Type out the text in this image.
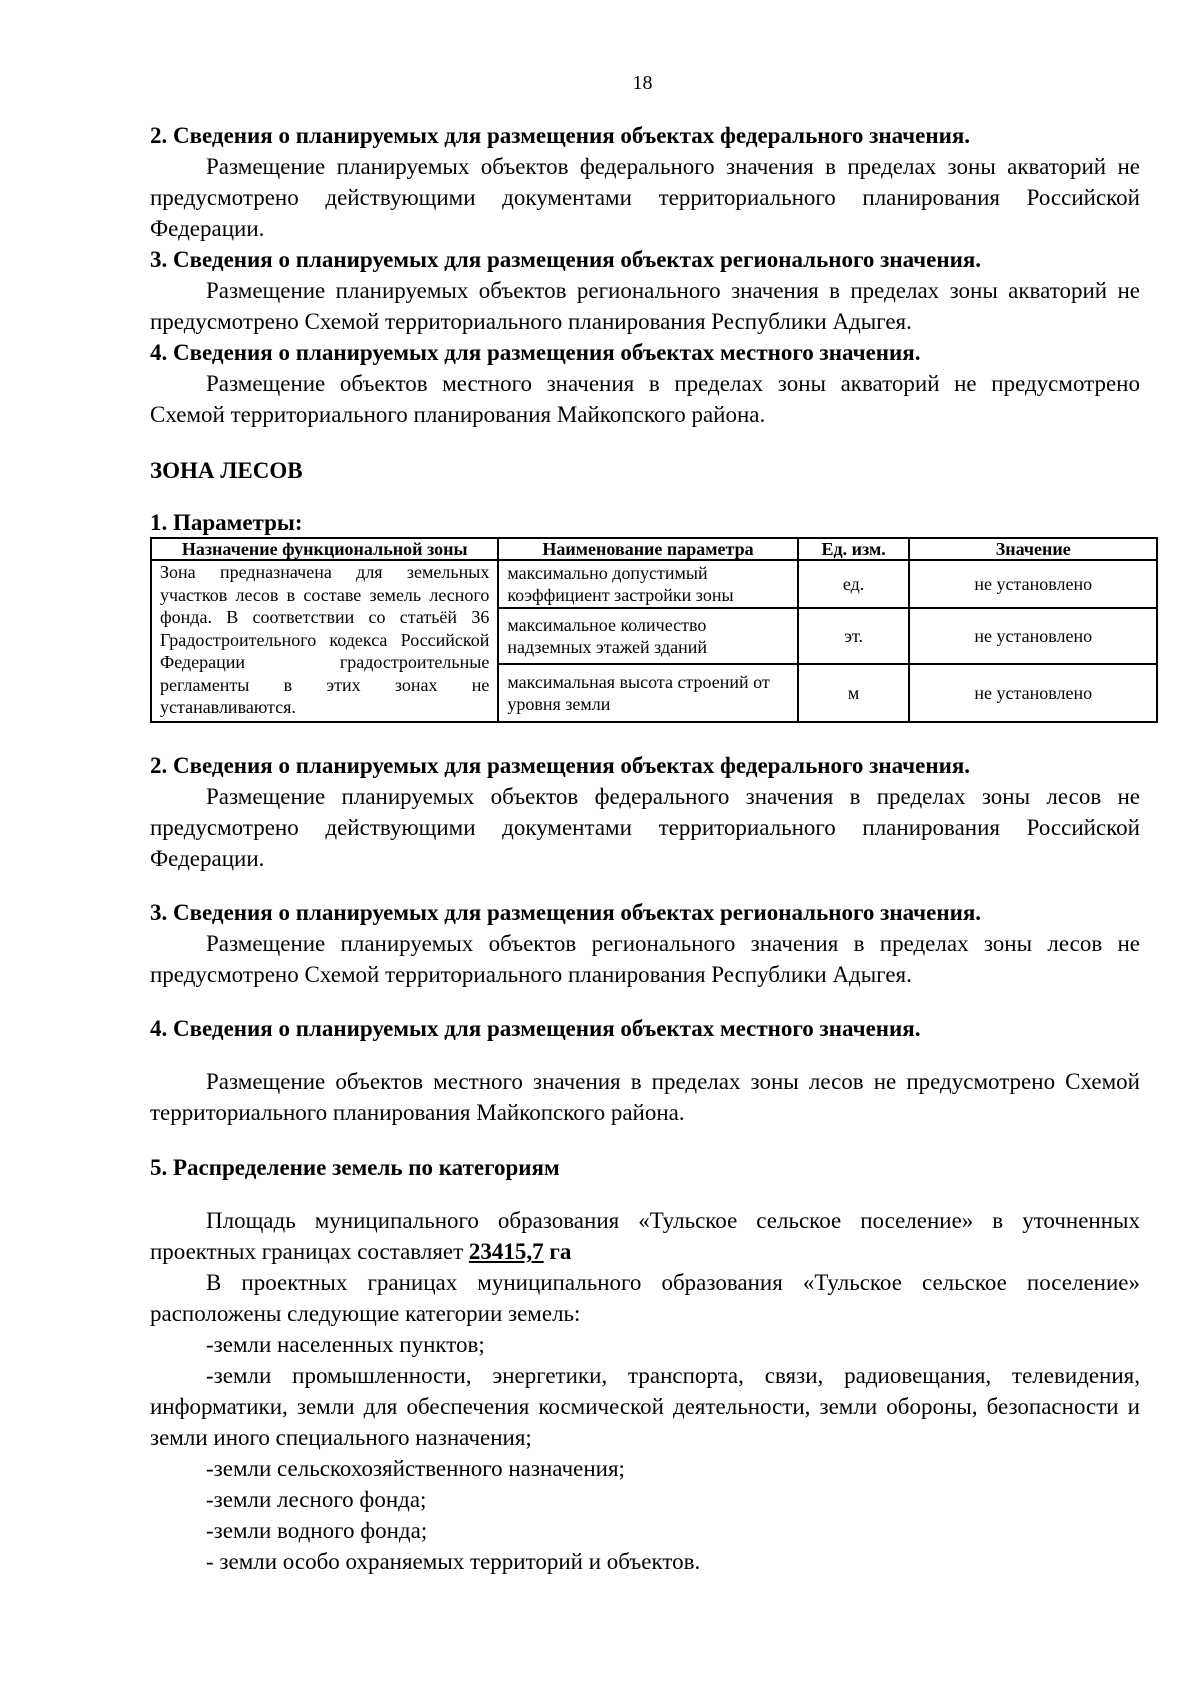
18

2. Сведения о планируемых для размещения объектах федерального значения.

Размещение планируемых объектов федерального значения в пределах зоны акваторий не предусмотрено действующими документами территориального планирования Российской Федерации.

3. Сведения о планируемых для размещения объектах регионального значения.

Размещение планируемых объектов регионального значения в пределах зоны акваторий не предусмотрено Схемой территориального планирования Республики Адыгея.

4. Сведения о планируемых для размещения объектах местного значения.

Размещение объектов местного значения в пределах зоны акваторий не предусмотрено Схемой территориального планирования Майкопского района.

ЗОНА ЛЕСОВ

1. Параметры:

Назначение функциональной зоны	Наименование параметра	Ед. изм.	Значение
Зона предназначена для земельных участков лесов в составе земель лесного фонда. В соответствии со статьёй 36 Градостроительного кодекса Российской Федерации градостроительные регламенты в этих зонах не устанавливаются.	максимально допустимый коэффициент застройки зоны	ед.	не установлено
	максимальное количество надземных этажей зданий	эт.	не установлено
	максимальная высота строений от уровня земли	м	не установлено

2. Сведения о планируемых для размещения объектах федерального значения.

Размещение планируемых объектов федерального значения в пределах зоны лесов не предусмотрено действующими документами территориального планирования Российской Федерации.

3. Сведения о планируемых для размещения объектах регионального значения.

Размещение планируемых объектов регионального значения в пределах зоны лесов не предусмотрено Схемой территориального планирования Республики Адыгея.

4. Сведения о планируемых для размещения объектах местного значения.

Размещение объектов местного значения в пределах зоны лесов не предусмотрено Схемой территориального планирования Майкопского района.

5. Распределение земель по категориям

Площадь муниципального образования «Тульское сельское поселение» в уточненных проектных границах составляет 23415,7 га

В проектных границах муниципального образования «Тульское сельское поселение» расположены следующие категории земель:

-земли населенных пунктов;

-земли промышленности, энергетики, транспорта, связи, радиовещания, телевидения, информатики, земли для обеспечения космической деятельности, земли обороны, безопасности и земли иного специального назначения;

-земли сельскохозяйственного назначения;

-земли лесного фонда;

-земли водного фонда;

- земли особо охраняемых территорий и объектов.
